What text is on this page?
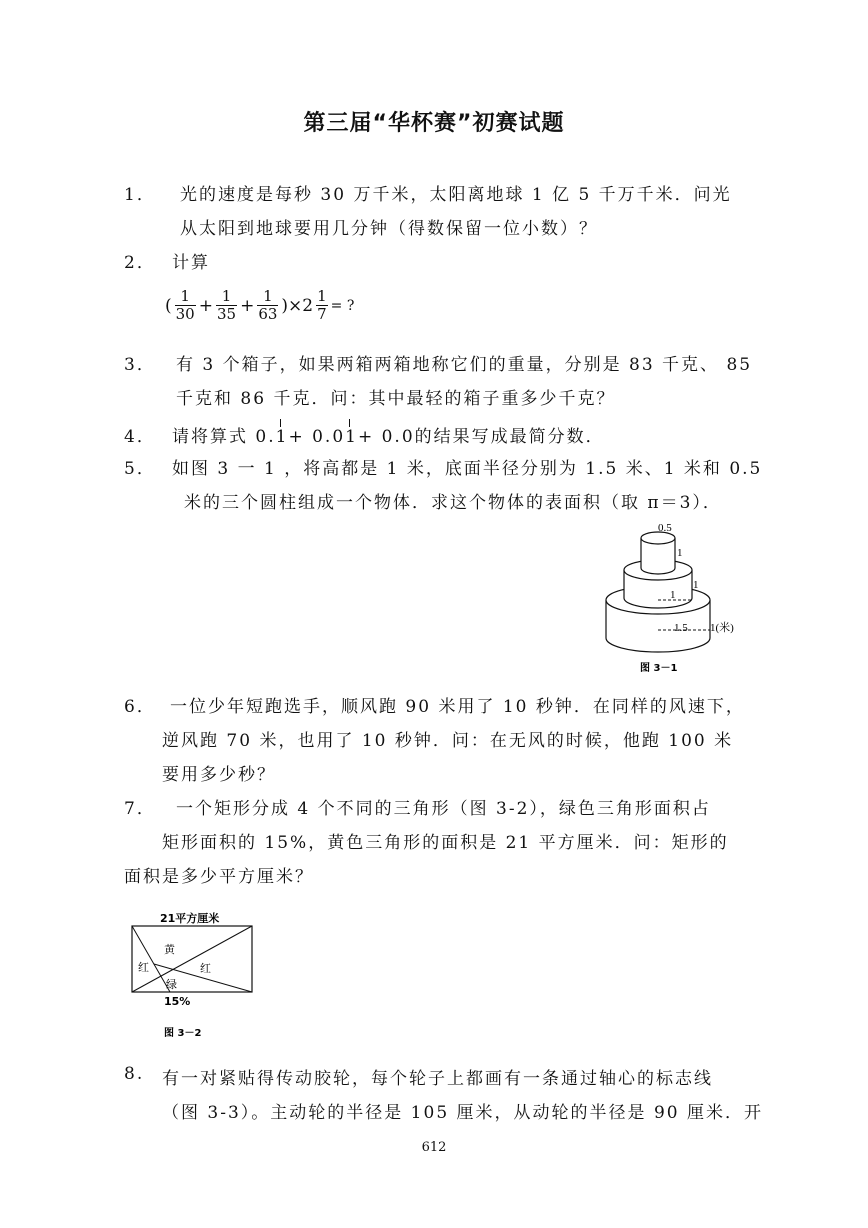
第三届“华杯赛”初赛试题
1． 光的速度是每秒 30 万千米，太阳离地球 1 亿 5 千万千米．问光
从太阳到地球要用几分钟（得数保留一位小数）？
2． 计算
( $\frac{1}{30} + \frac{1}{35} + \frac{1}{63} )\times 2 \frac{1}{7}$ = ?
3． 有 3 个箱子，如果两箱两箱地称它们的重量，分别是 83 千克、 85
千克和 86 千克．问：其中最轻的箱子重多少千克？
4． 请将算式 0.1+ 0.01+ 0.0的结果写成最简分数．
5． 如图 3 一 1 ，将高都是 1 米，底面半径分别为 1.5 米、1 米和 0.5
米的三个圆柱组成一个物体．求这个物体的表面积（取 π＝3）．
0.5
1
1
1
1.5 1(米)
图 3－1
6． 一位少年短跑选手，顺风跑 90 米用了 10 秒钟．在同样的风速下，
逆风跑 70 米，也用了 10 秒钟．问：在无风的时候，他跑 100 米
要用多少秒？
7． 一个矩形分成 4 个不同的三角形（图 3-2），绿色三角形面积占
矩形面积的 15%，黄色三角形的面积是 21 平方厘米．问：矩形的
面积是多少平方厘米？
21平方厘米
黄
红	红
绿
15%
图 3－2
8. 有一对紧贴得传动胶轮，每个轮子上都画有一条通过轴心的标志线
（图 3-3）。主动轮的半径是 105 厘米，从动轮的半径是 90 厘米．开
612
